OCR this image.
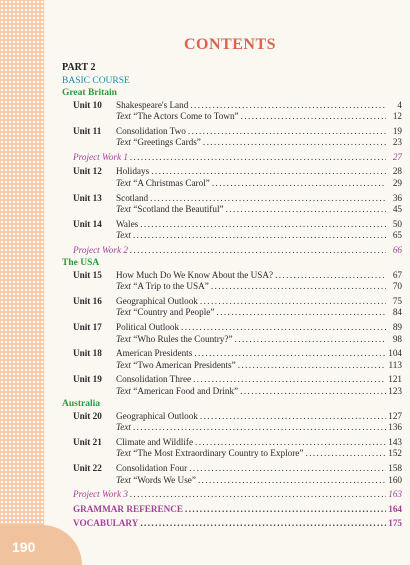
190
CONTENTS
PART 2
BASIC COURSE
Great Britain
Unit 10	Shakespeare's Land .....	4
Text “The Actors Come to Town” .....	12
Unit 11	Consolidation Two .....	19
Text “Greetings Cards” .....	23
Project Work 1 .....	27
Unit 12	Holidays .....	28
Text “A Christmas Carol” .....	29
Unit 13	Scotland .....	36
Text “Scotland the Beautiful” .....	45
Unit 14	Wales .....	50
Text .....	65
Project Work 2 .....	66
The USA
Unit 15	How Much Do We Know About the USA? .....	67
Text “A Trip to the USA” .....	70
Unit 16	Geographical Outlook .....	75
Text “Country and People” .....	84
Unit 17	Political Outlook .....	89
Text “Who Rules the Country?” .....	98
Unit 18	American Presidents .....	104
Text “Two American Presidents” .....	113
Unit 19	Consolidation Three .....	121
Text “American Food and Drink” .....	123
Australia
Unit 20	Geographical Outlook .....	127
Text .....	136
Unit 21	Climate and Wildlife .....	143
Text “The Most Extraordinary Country to Explore” .....	152
Unit 22	Consolidation Four .....	158
Text “Words We Use” .....	160
Project Work 3 .....	163
GRAMMAR REFERENCE .....	164
VOCABULARY .....	175
